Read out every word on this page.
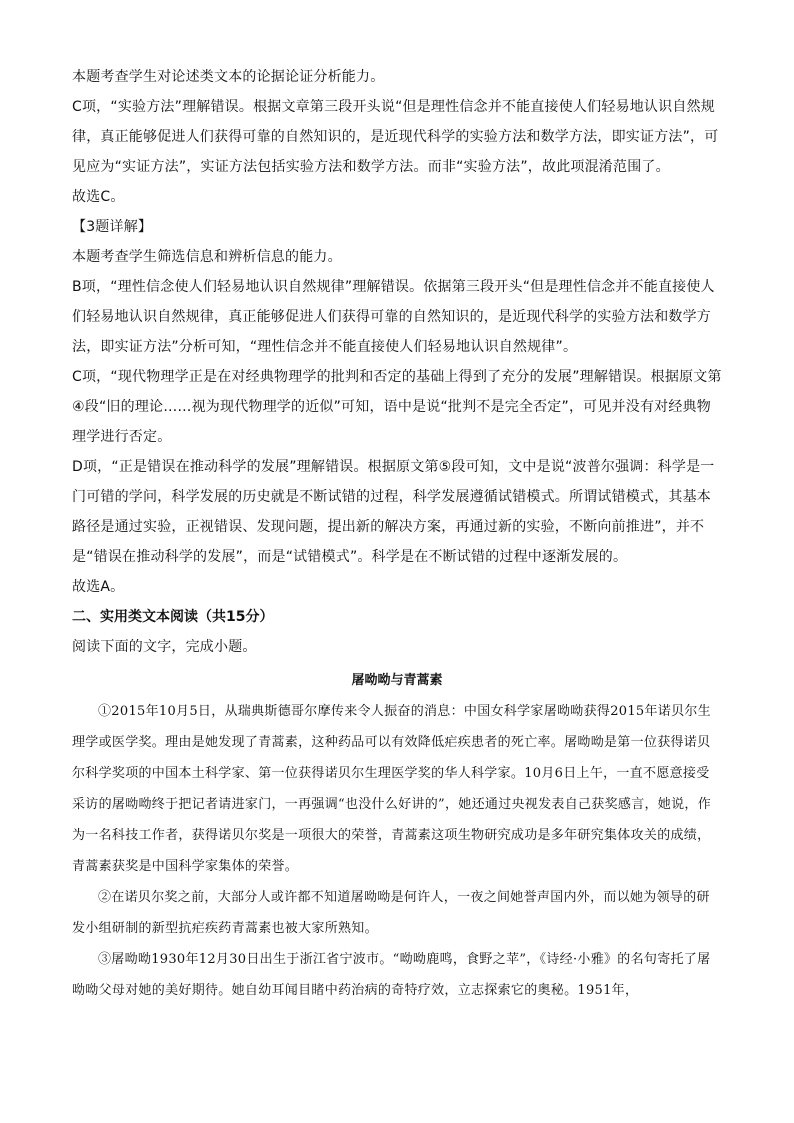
本题考查学生对论述类文本的论据论证分析能力。

C项，“实验方法”理解错误。根据文章第三段开头说“但是理性信念并不能直接使人们轻易地认识自然规律，真正能够促进人们获得可靠的自然知识的，是近现代科学的实验方法和数学方法，即实证方法”，可见应为“实证方法”，实证方法包括实验方法和数学方法。而非“实验方法”，故此项混淆范围了。

故选C。

【3题详解】

本题考查学生筛选信息和辨析信息的能力。

B项，“理性信念使人们轻易地认识自然规律”理解错误。依据第三段开头“但是理性信念并不能直接使人们轻易地认识自然规律，真正能够促进人们获得可靠的自然知识的，是近现代科学的实验方法和数学方法，即实证方法”分析可知，“理性信念并不能直接使人们轻易地认识自然规律”。

C项，“现代物理学正是在对经典物理学的批判和否定的基础上得到了充分的发展”理解错误。根据原文第④段“旧的理论……视为现代物理学的近似”可知，语中是说“批判不是完全否定”，可见并没有对经典物理学进行否定。

D项，“正是错误在推动科学的发展”理解错误。根据原文第⑤段可知，文中是说“波普尔强调：科学是一门可错的学问，科学发展的历史就是不断试错的过程，科学发展遵循试错模式。所谓试错模式，其基本路径是通过实验，正视错误、发现问题，提出新的解决方案，再通过新的实验，不断向前推进”，并不是“错误在推动科学的发展”，而是“试错模式”。科学是在不断试错的过程中逐渐发展的。

故选A。

二、实用类文本阅读（共15分）

阅读下面的文字，完成小题。

屠呦呦与青蒿素

①2015年10月5日，从瑞典斯德哥尔摩传来令人振奋的消息：中国女科学家屠呦呦获得2015年诺贝尔生理学或医学奖。理由是她发现了青蒿素，这种药品可以有效降低疟疾患者的死亡率。屠呦呦是第一位获得诺贝尔科学奖项的中国本土科学家、第一位获得诺贝尔生理医学奖的华人科学家。10月6日上午，一直不愿意接受采访的屠呦呦终于把记者请进家门，一再强调“也没什么好讲的”，她还通过央视发表自己获奖感言，她说，作为一名科技工作者，获得诺贝尔奖是一项很大的荣誉，青蒿素这项生物研究成功是多年研究集体攻关的成绩，青蒿素获奖是中国科学家集体的荣誉。

②在诺贝尔奖之前，大部分人或许都不知道屠呦呦是何许人，一夜之间她誉声国内外，而以她为领导的研发小组研制的新型抗疟疾药青蒿素也被大家所熟知。

③屠呦呦1930年12月30日出生于浙江省宁波市。“呦呦鹿鸣，食野之苹”，《诗经·小雅》的名句寄托了屠呦呦父母对她的美好期待。她自幼耳闻目睹中药治病的奇特疗效，立志探索它的奥秘。1951年，
